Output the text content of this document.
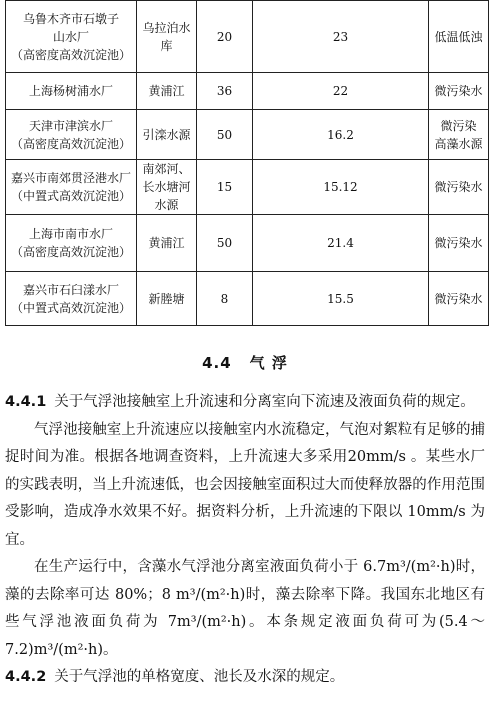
乌鲁木齐市石墩子
山水厂
（高密度高效沉淀池）	乌拉泊水库	20	23	低温低浊

上海杨树浦水厂	黄浦江	36	22	微污染水

天津市津滨水厂
（高密度高效沉淀池）	引滦水源	50	16.2	微污染
高藻水源

嘉兴市南郊贯泾港水厂
（中置式高效沉淀池）	南郊河、
长水塘河水源	15	15.12	微污染水

上海市南市水厂
（高密度高效沉淀池）	黄浦江	50	21.4	微污染水

嘉兴市石臼漾水厂
（中置式高效沉淀池）	新塍塘	8	15.5	微污染水
4.4 气 浮

4.4.1 关于气浮池接触室上升流速和分离室向下流速及液面负荷的规定。

气浮池接触室上升流速应以接触室内水流稳定，气泡对絮粒有足够的捕捉时间为准。根据各地调查资料，上升流速大多采用20mm/s 。某些水厂的实践表明，当上升流速低，也会因接触室面积过大而使释放器的作用范围受影响，造成净水效果不好。据资料分析，上升流速的下限以 10mm/s 为宜。

在生产运行中，含藻水气浮池分离室液面负荷小于 6.7m³/(m²·h)时，藻的去除率可达 80%；8 m³/(m²·h)时，藻去除率下降。我国东北地区有些气浮池液面负荷为 7m³/(m²·h)。本条规定液面负荷可为(5.4～7.2)m³/(m²·h)。

4.4.2 关于气浮池的单格宽度、池长及水深的规定。
